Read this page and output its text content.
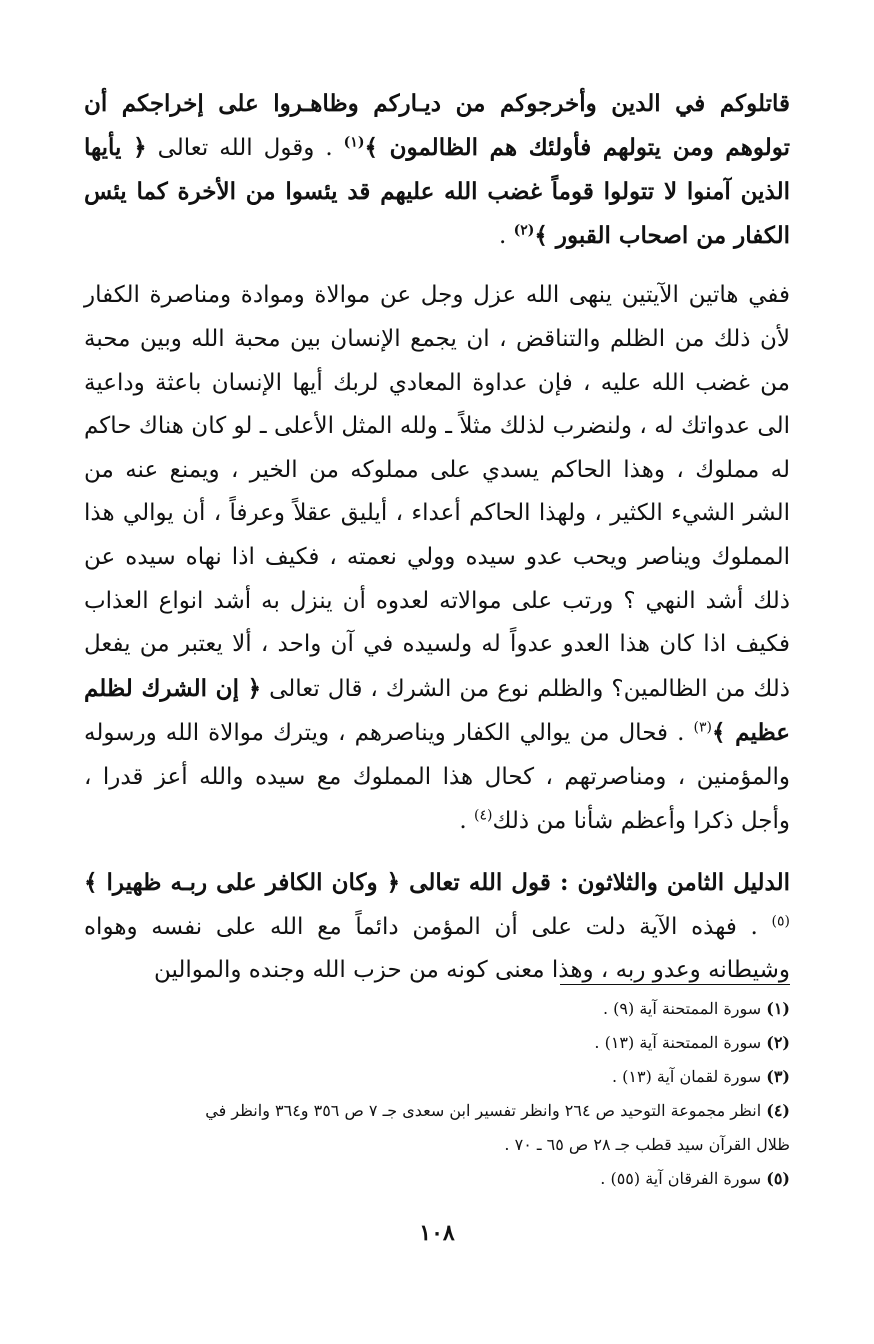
قاتلوكم في الدين وأخرجوكم من ديـاركم وظاهـروا على إخراجكم أن تولوهم ومن يتولهم فأولئك هم الظالمون ﴾$^{(١)}$ . وقول الله تعالى ﴿ يأيها الذين آمنوا لا تتولوا قوماً غضب الله عليهم قد يئسوا من الأخرة كما يئس الكفار من اصحاب القبور ﴾$^{(٢)}$ .

ففي هاتين الآيتين ينهى الله عزل وجل عن موالاة وموادة ومناصرة الكفار لأن ذلك من الظلم والتناقض ، ان يجمع الإنسان بين محبة الله وبين محبة من غضب الله عليه ، فإن عداوة المعادي لربك أيها الإنسان باعثة وداعية الى عدواتك له ، ولنضرب لذلك مثلاً ـ ولله المثل الأعلى ـ لو كان هناك حاكم له مملوك ، وهذا الحاكم يسدي على مملوكه من الخير ، ويمنع عنه من الشر الشيء الكثير ، ولهذا الحاكم أعداء ، أيليق عقلاً وعرفاً ، أن يوالي هذا المملوك ويناصر ويحب عدو سيده وولي نعمته ، فكيف اذا نهاه سيده عن ذلك أشد النهي ؟ ورتب على موالاته لعدوه أن ينزل به أشد انواع العذاب فكيف اذا كان هذا العدو عدواً له ولسيده في آن واحد ، ألا يعتبر من يفعل ذلك من الظالمين؟ والظلم نوع من الشرك ، قال تعالى ﴿ إن الشرك لظلم عظيم ﴾$^{(٣)}$ . فحال من يوالي الكفار ويناصرهم ، ويترك موالاة الله ورسوله والمؤمنين ، ومناصرتهم ، كحال هذا المملوك مع سيده والله أعز قدرا ، وأجل ذكرا وأعظم شأنا من ذلك$^{(٤)}$ .

الدليل الثامن والثلاثون : قول الله تعالى ﴿ وكان الكافر على ربـه ظهيرا ﴾$^{(٥)}$ . فهذه الآية دلت على أن المؤمن دائماً مع الله على نفسه وهواه وشيطانه وعدو ربه ، وهذا معنى كونه من حزب الله وجنده والموالين

(١) سورة الممتحنة آية (٩) .
(٢) سورة الممتحنة آية (١٣) .
(٣) سورة لقمان آية (١٣) .
(٤) انظر مجموعة التوحيد ص ٢٦٤ وانظر تفسير ابن سعدى جـ ٧ ص ٣٥٦ و٣٦٤ وانظر في
ظلال القرآن سيد قطب جـ ٢٨ ص ٦٥ ـ ٧٠ .
(٥) سورة الفرقان آية (٥٥) .
١٠٨
